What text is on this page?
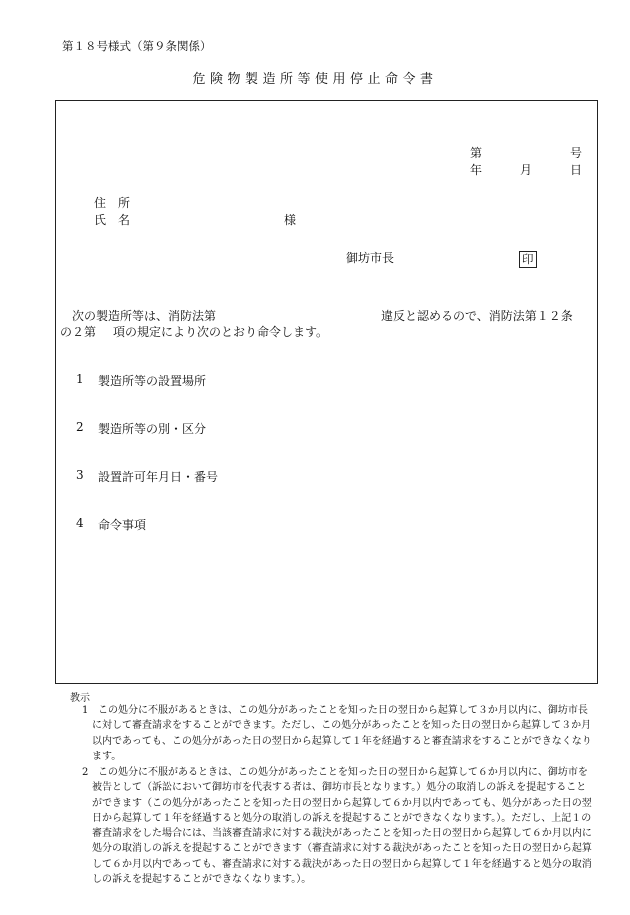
第１８号様式（第９条関係）
危険物製造所等使用停止命令書
第	号
年	月	日
住　所
氏　名	様
御坊市長	印
次の製造所等は、消防法第	違反と認めるので、消防法第１２条
の２第 項の規定により次のとおり命令します。
1 製造所等の設置場所
2 製造所等の別・区分
3 設置許可年月日・番号
4 命令事項
教示
1 この処分に不服があるときは、この処分があったことを知った日の翌日から起算して３か月以内に、御坊市長
に対して審査請求をすることができます。ただし、この処分があったことを知った日の翌日から起算して３か月
以内であっても、この処分があった日の翌日から起算して１年を経過すると審査請求をすることができなくなり
ます。
2 この処分に不服があるときは、この処分があったことを知った日の翌日から起算して６か月以内に、御坊市を
被告として（訴訟において御坊市を代表する者は、御坊市長となります。）処分の取消しの訴えを提起すること
ができます（この処分があったことを知った日の翌日から起算して６か月以内であっても、処分があった日の翌
日から起算して１年を経過すると処分の取消しの訴えを提起することができなくなります。）。ただし、上記１の
審査請求をした場合には、当該審査請求に対する裁決があったことを知った日の翌日から起算して６か月以内に
処分の取消しの訴えを提起することができます（審査請求に対する裁決があったことを知った日の翌日から起算
して６か月以内であっても、審査請求に対する裁決があった日の翌日から起算して１年を経過すると処分の取消
しの訴えを提起することができなくなります。）。
